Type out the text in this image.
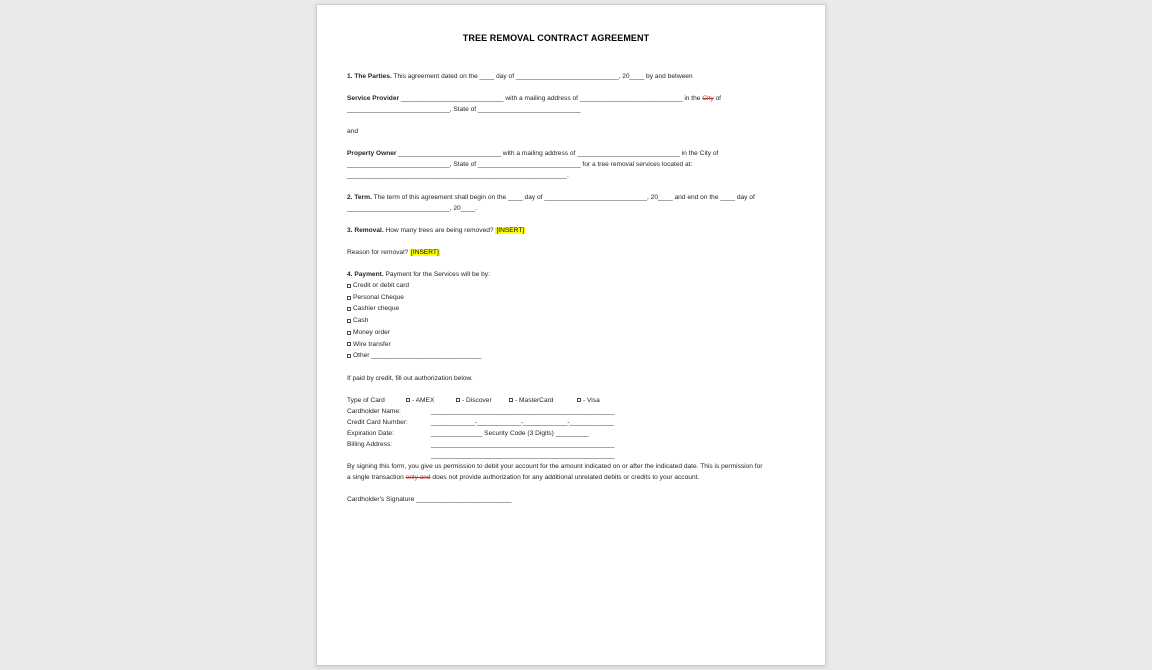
TREE REMOVAL CONTRACT AGREEMENT

1. The Parties. This agreement dated on the ____ day of ____________________________, 20____ by and between

Service Provider ____________________________ with a mailing address of ____________________________ in the City of ____________________________, State of ____________________________

and

Property Owner ____________________________ with a mailing address of ____________________________ in the City of ____________________________, State of ____________________________ for a tree removal services located at: ____________________________________________________________.

2. Term. The term of this agreement shall begin on the ____ day of ____________________________, 20____ and end on the ____ day of ____________________________, 20____.

3. Removal. How many trees are being removed? [INSERT]

Reason for removal? [INSERT]

4. Payment. Payment for the Services will be by:

Credit or debit card
Personal Cheque
Cashier cheque
Cash
Money order
Wire transfer
Other ______________________________

If paid by credit, fill out authorization below.

Type of Card	- AMEX	- Discover	- MasterCard	- Visa
Cardholder Name:	__________________________________________________
Credit Card Number:	____________-____________-____________-____________
Expiration Date:	______________ Security Code (3 Digits) _________
Billing Address:	__________________________________________________
__________________________________________________

By signing this form, you give us permission to debit your account for the amount indicated on or after the indicated date. This is permission for a single transaction only and does not provide authorization for any additional unrelated debits or credits to your account.

Cardholder's Signature __________________________
